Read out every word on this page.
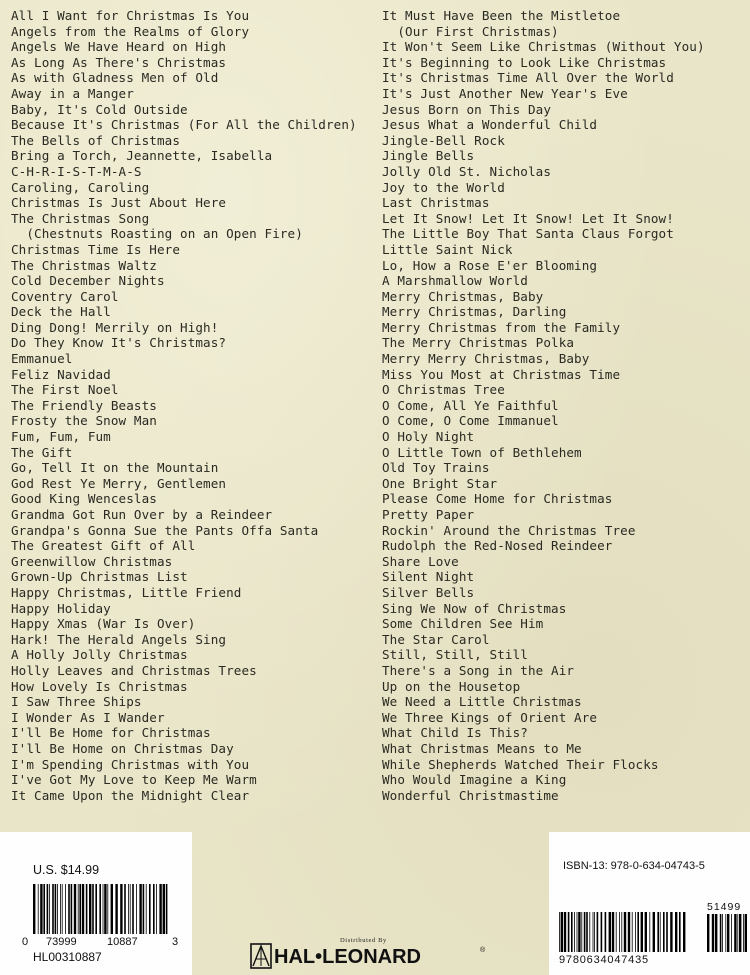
All I Want for Christmas Is You
Angels from the Realms of Glory
Angels We Have Heard on High
As Long As There's Christmas
As with Gladness Men of Old
Away in a Manger
Baby, It's Cold Outside
Because It's Christmas (For All the Children)
The Bells of Christmas
Bring a Torch, Jeannette, Isabella
C-H-R-I-S-T-M-A-S
Caroling, Caroling
Christmas Is Just About Here
The Christmas Song
(Chestnuts Roasting on an Open Fire)
Christmas Time Is Here
The Christmas Waltz
Cold December Nights
Coventry Carol
Deck the Hall
Ding Dong! Merrily on High!
Do They Know It's Christmas?
Emmanuel
Feliz Navidad
The First Noel
The Friendly Beasts
Frosty the Snow Man
Fum, Fum, Fum
The Gift
Go, Tell It on the Mountain
God Rest Ye Merry, Gentlemen
Good King Wenceslas
Grandma Got Run Over by a Reindeer
Grandpa's Gonna Sue the Pants Offa Santa
The Greatest Gift of All
Greenwillow Christmas
Grown-Up Christmas List
Happy Christmas, Little Friend
Happy Holiday
Happy Xmas (War Is Over)
Hark! The Herald Angels Sing
A Holly Jolly Christmas
Holly Leaves and Christmas Trees
How Lovely Is Christmas
I Saw Three Ships
I Wonder As I Wander
I'll Be Home for Christmas
I'll Be Home on Christmas Day
I'm Spending Christmas with You
I've Got My Love to Keep Me Warm
It Came Upon the Midnight Clear
It Must Have Been the Mistletoe
(Our First Christmas)
It Won't Seem Like Christmas (Without You)
It's Beginning to Look Like Christmas
It's Christmas Time All Over the World
It's Just Another New Year's Eve
Jesus Born on This Day
Jesus What a Wonderful Child
Jingle-Bell Rock
Jingle Bells
Jolly Old St. Nicholas
Joy to the World
Last Christmas
Let It Snow! Let It Snow! Let It Snow!
The Little Boy That Santa Claus Forgot
Little Saint Nick
Lo, How a Rose E'er Blooming
A Marshmallow World
Merry Christmas, Baby
Merry Christmas, Darling
Merry Christmas from the Family
The Merry Christmas Polka
Merry Merry Christmas, Baby
Miss You Most at Christmas Time
O Christmas Tree
O Come, All Ye Faithful
O Come, O Come Immanuel
O Holy Night
O Little Town of Bethlehem
Old Toy Trains
One Bright Star
Please Come Home for Christmas
Pretty Paper
Rockin' Around the Christmas Tree
Rudolph the Red-Nosed Reindeer
Share Love
Silent Night
Silver Bells
Sing We Now of Christmas
Some Children See Him
The Star Carol
Still, Still, Still
There's a Song in the Air
Up on the Housetop
We Need a Little Christmas
We Three Kings of Orient Are
What Child Is This?
What Christmas Means to Me
While Shepherds Watched Their Flocks
Who Would Imagine a King
Wonderful Christmastime
U.S. $14.99
0 73999	10887	3
HL00310887
Distributed By
HAL•LEONARD	®
ISBN-13: 978-0-634-04743-5
51499
9780634047435
